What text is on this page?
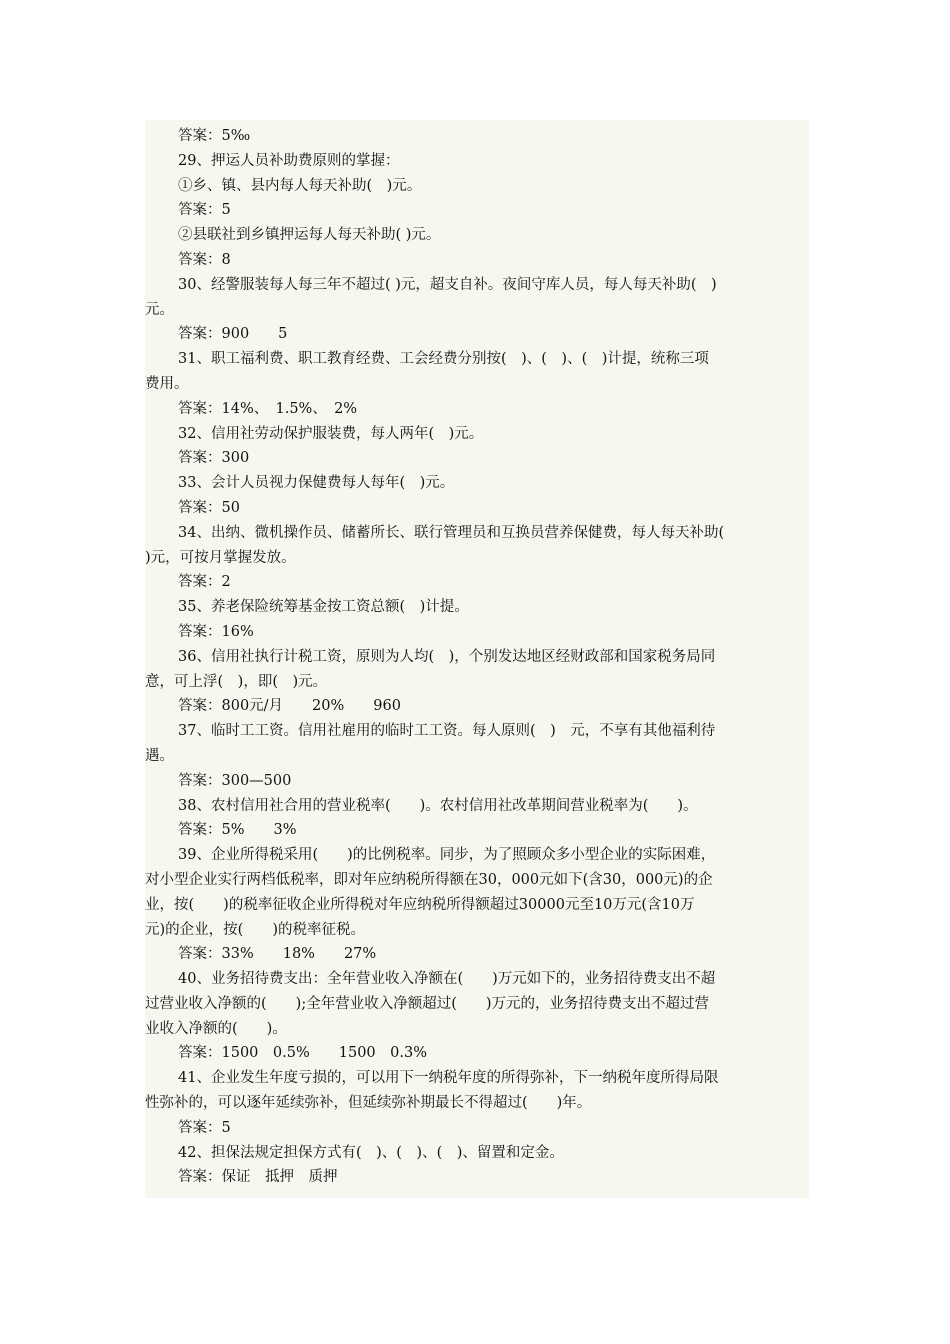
答案：5‰
29、押运人员补助费原则的掌握：
①乡、镇、县内每人每天补助(　)元。
答案：5
②县联社到乡镇押运每人每天补助( )元。
答案：8
30、经警服装每人每三年不超过( )元，超支自补。夜间守库人员，每人每天补助(　)
元。
答案：900　　5
31、职工福利费、职工教育经费、工会经费分别按(　)、(　)、(　)计提，统称三项
费用。
答案：14%、　1.5%、　2%
32、信用社劳动保护服装费，每人两年(　)元。
答案：300
33、会计人员视力保健费每人每年(　)元。
答案：50
34、出纳、微机操作员、储蓄所长、联行管理员和互换员营养保健费，每人每天补助(
)元，可按月掌握发放。
答案：2
35、养老保险统筹基金按工资总额(　)计提。
答案：16%
36、信用社执行计税工资，原则为人均(　)，个别发达地区经财政部和国家税务局同
意，可上浮(　)，即(　)元。
答案：800元/月　　20%　　960
37、临时工工资。信用社雇用的临时工工资。每人原则(　)　元，不享有其他福利待
遇。
答案：300—500
38、农村信用社合用的营业税率(　　)。农村信用社改革期间营业税率为(　　)。
答案：5%　　3%
39、企业所得税采用(　　)的比例税率。同步，为了照顾众多小型企业的实际困难，
对小型企业实行两档低税率，即对年应纳税所得额在30，000元如下(含30，000元)的企
业，按(　　)的税率征收企业所得税对年应纳税所得额超过30000元至10万元(含10万
元)的企业，按(　　)的税率征税。
答案：33%　　18%　　27%
40、业务招待费支出：全年营业收入净额在(　　)万元如下的，业务招待费支出不超
过营业收入净额的(　　);全年营业收入净额超过(　　)万元的，业务招待费支出不超过营
业收入净额的(　　)。
答案：1500　0.5%　　1500　0.3%
41、企业发生年度亏损的，可以用下一纳税年度的所得弥补，下一纳税年度所得局限
性弥补的，可以逐年延续弥补，但延续弥补期最长不得超过(　　)年。
答案：5
42、担保法规定担保方式有(　)、(　)、(　)、留置和定金。
答案：保证　抵押　质押
